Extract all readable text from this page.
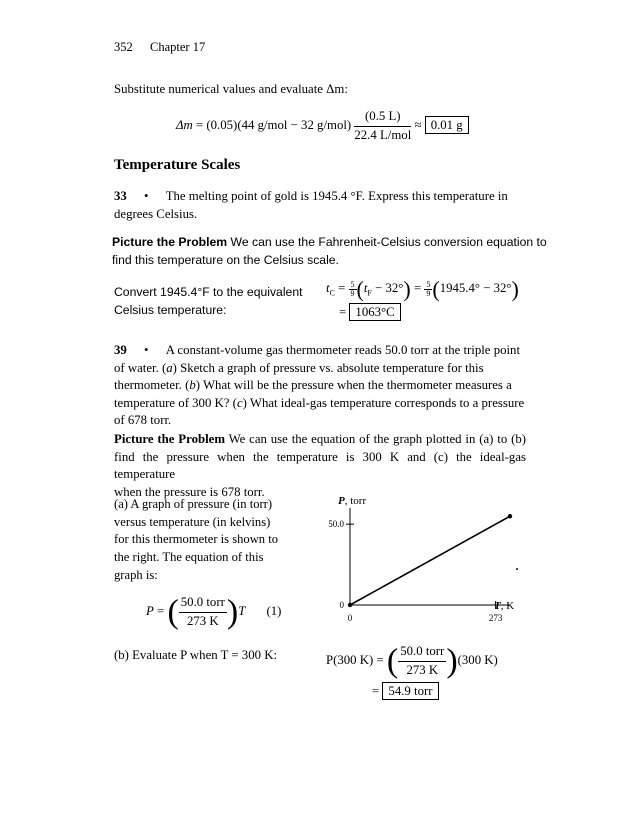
352 Chapter 17
Substitute numerical values and evaluate Δm:
Δm = (0.05)(44 g/mol − 32 $g/mol) \frac{(0.5 L)}{\text{22.4 L/mol}} \approx 0.01$ g
Temperature Scales
33 • The melting point of gold is 1945.4 °F. Express this temperature in
degrees Celsius.
Picture the Problem We can use the Fahrenheit-Celsius conversion equation to
find this temperature on the Celsius scale.
Convert 1945.4°F to the equivalent
Celsius temperature:
$t_C = \frac{5}{9} (t_F - 32^\circ) = \frac{5}{9} (1945.4^\circ - 32^\circ)$
= 1063°C
39 • A constant-volume gas thermometer reads 50.0 torr at the triple point
of water. (a) Sketch a graph of pressure vs. absolute temperature for this
thermometer. (b) What will be the pressure when the thermometer measures a
temperature of 300 K? (c) What ideal-gas temperature corresponds to a pressure
of 678 torr.
Picture the Problem We can use the equation of the graph plotted in (a) to (b)
find the pressure when the temperature is 300 K and (c) the ideal-gas temperature
when the pressure is 678 torr.
(a) A graph of pressure (in torr)
versus temperature (in kelvins)
for this thermometer is shown to
the right. The equation of this
graph is:
P = ( $\frac{\text{50.0 torr}}{273 K} )T$ (1)
P, torr
T, K
50.0
0
0	273
(b) Evaluate P when T = 300 K:	P(300 K) = ( $\frac{\text{50.0 torr}}{273 K} )(300$ K)
= 54.9 torr
